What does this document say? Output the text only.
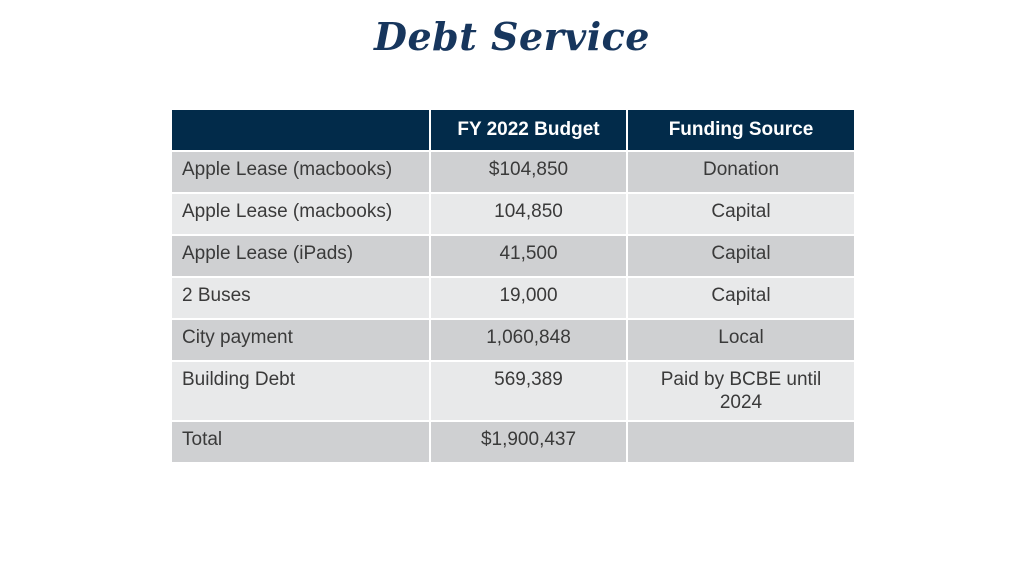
Debt Service
	FY 2022 Budget	Funding Source
Apple Lease (macbooks)	$104,850	Donation
Apple Lease (macbooks)	104,850	Capital
Apple Lease (iPads)	41,500	Capital
2 Buses	19,000	Capital
City payment	1,060,848	Local
Building Debt	569,389	Paid by BCBE until 2024
Total	$1,900,437	
